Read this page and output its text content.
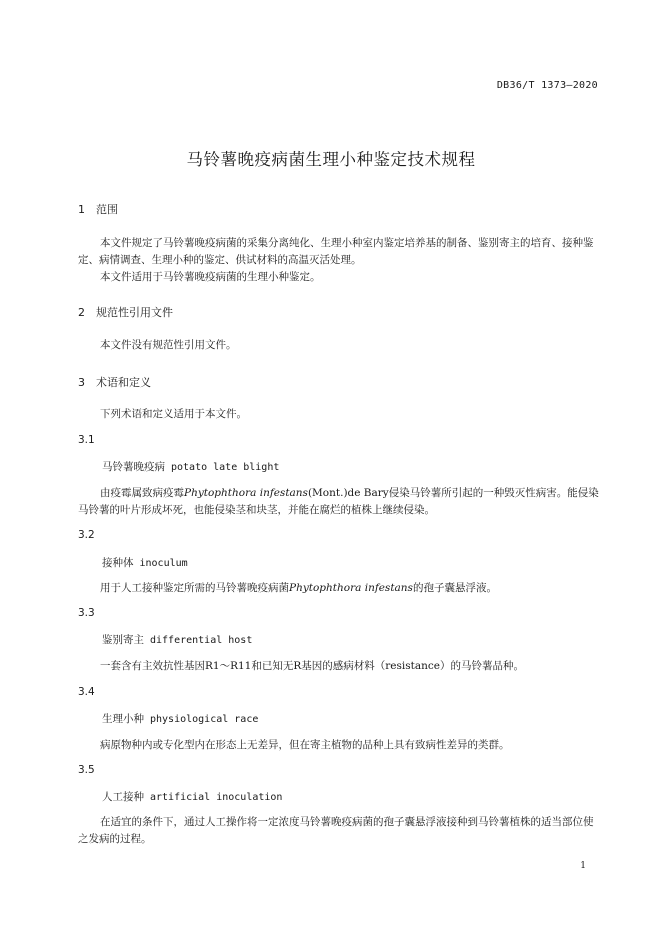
DB36/T 1373—2020
马铃薯晚疫病菌生理小种鉴定技术规程
1 范围
本文件规定了马铃薯晚疫病菌的采集分离纯化、生理小种室内鉴定培养基的制备、鉴别寄主的培育、接种鉴定、病情调查、生理小种的鉴定、供试材料的高温灭活处理。
本文件适用于马铃薯晚疫病菌的生理小种鉴定。
2 规范性引用文件
本文件没有规范性引用文件。
3 术语和定义
下列术语和定义适用于本文件。
3.1
马铃薯晚疫病 potato late blight
由疫霉属致病疫霉Phytophthora infestans(Mont.)de Bary侵染马铃薯所引起的一种毁灭性病害。能侵染马铃薯的叶片形成坏死，也能侵染茎和块茎，并能在腐烂的植株上继续侵染。
3.2
接种体 inoculum
用于人工接种鉴定所需的马铃薯晚疫病菌Phytophthora infestans的孢子囊悬浮液。
3.3
鉴别寄主 differential host
一套含有主效抗性基因R1～R11和已知无R基因的感病材料（resistance）的马铃薯品种。
3.4
生理小种 physiological race
病原物种内或专化型内在形态上无差异，但在寄主植物的品种上具有致病性差异的类群。
3.5
人工接种 artificial inoculation
在适宜的条件下，通过人工操作将一定浓度马铃薯晚疫病菌的孢子囊悬浮液接种到马铃薯植株的适当部位使之发病的过程。
1
